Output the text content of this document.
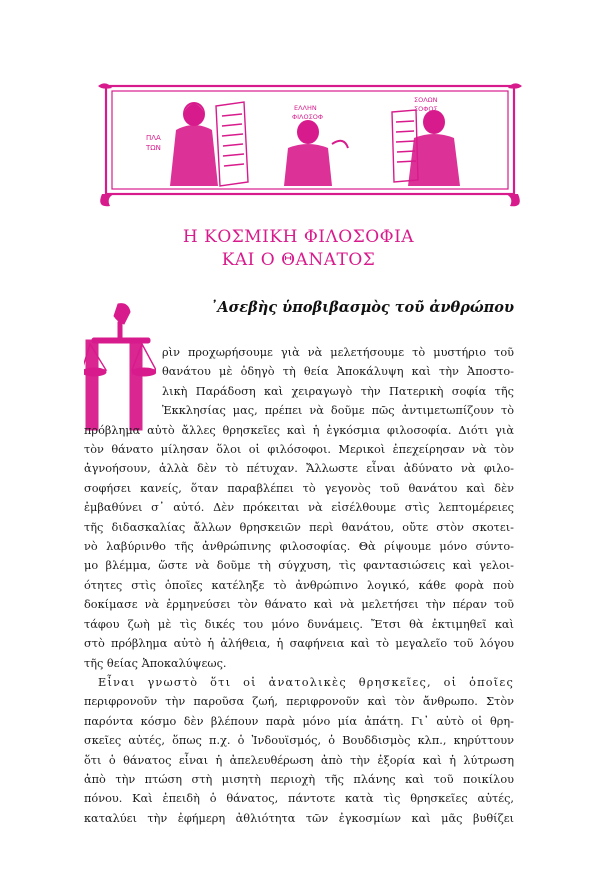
ΠΛΑ
ΤΩΝ
ΕΛΛΗΝ
ΦΙΛΟΣΟΦ
ΣΟΛΩΝ
ΣΟΦΟΣ
Η ΚΟΣΜΙΚΗ ΦΙΛΟΣΟΦΙΑ
ΚΑΙ Ο ΘΑΝΑΤΟΣ
᾿Ασεβὴς ὑποβιβασμὸς τοῦ ἀνθρώπου
ρὶν προχωρήσουμε γιὰ νὰ μελετήσουμε τὸ μυστήριο τοῦ
θανάτου μὲ ὁδηγὸ τὴ θεία Ἀποκάλυψη καὶ τὴν Ἀποστο-
λικὴ Παράδοση καὶ χειραγωγὸ τὴν Πατερικὴ σοφία τῆς
Ἐκκλησίας μας, πρέπει νὰ δοῦμε πῶς ἀντιμετωπίζουν τὸ
πρόβλημα αὐτὸ ἄλλες θρησκεῖες καὶ ἡ ἐγκόσμια φιλοσοφία. Διότι γιὰ
τὸν θάνατο μίλησαν ὅλοι οἱ φιλόσοφοι. Μερικοὶ ἐπεχείρησαν νὰ τὸν
ἀγνοήσουν, ἀλλὰ δὲν τὸ πέτυχαν. Ἄλλωστε εἶναι ἀδύνατο νὰ φιλο-
σοφήσει κανείς, ὅταν παραβλέπει τὸ γεγονὸς τοῦ θανάτου καὶ δὲν
ἐμβαθύνει σ᾿ αὐτό. Δὲν πρόκειται νὰ εἰσέλθουμε στὶς λεπτομέρειες
τῆς διδασκαλίας ἄλλων θρησκειῶν περὶ θανάτου, οὔτε στὸν σκοτει-
νὸ λαβύρινθο τῆς ἀνθρώπινης φιλοσοφίας. Θὰ ρίψουμε μόνο σύντο-
μο βλέμμα, ὥστε νὰ δοῦμε τὴ σύγχυση, τὶς φαντασιώσεις καὶ γελοι-
ότητες στὶς ὁποῖες κατέληξε τὸ ἀνθρώπινο λογικό, κάθε φορὰ ποὺ
δοκίμασε νὰ ἑρμηνεύσει τὸν θάνατο καὶ νὰ μελετήσει τὴν πέραν τοῦ
τάφου ζωὴ μὲ τὶς δικές του μόνο δυνάμεις. Ἔτσι θὰ ἐκτιμηθεῖ καὶ
στὸ πρόβλημα αὐτὸ ἡ ἀλήθεια, ἡ σαφήνεια καὶ τὸ μεγαλεῖο τοῦ λόγου
τῆς θείας Ἀποκαλύψεως.
Εἶναι γνωστὸ ὅτι οἱ ἀνατολικὲς θρησκεῖες, οἱ ὁποῖες
περιφρονοῦν τὴν παροῦσα ζωή, περιφρονοῦν καὶ τὸν ἄνθρωπο. Στὸν
παρόντα κόσμο δὲν βλέπουν παρὰ μόνο μία ἀπάτη. Γι᾿ αὐτὸ οἱ θρη-
σκεῖες αὐτές, ὅπως π.χ. ὁ Ἰνδουϊσμός, ὁ Βουδδισμὸς κλπ., κηρύττουν
ὅτι ὁ θάνατος εἶναι ἡ ἀπελευθέρωση ἀπὸ τὴν ἐξορία καὶ ἡ λύτρωση
ἀπὸ τὴν πτώση στὴ μισητὴ περιοχὴ τῆς πλάνης καὶ τοῦ ποικίλου
πόνου. Καὶ ἐπειδὴ ὁ θάνατος, πάντοτε κατὰ τὶς θρησκεῖες αὐτές,
καταλύει τὴν ἐφήμερη ἀθλιότητα τῶν ἐγκοσμίων καὶ μᾶς βυθίζει
